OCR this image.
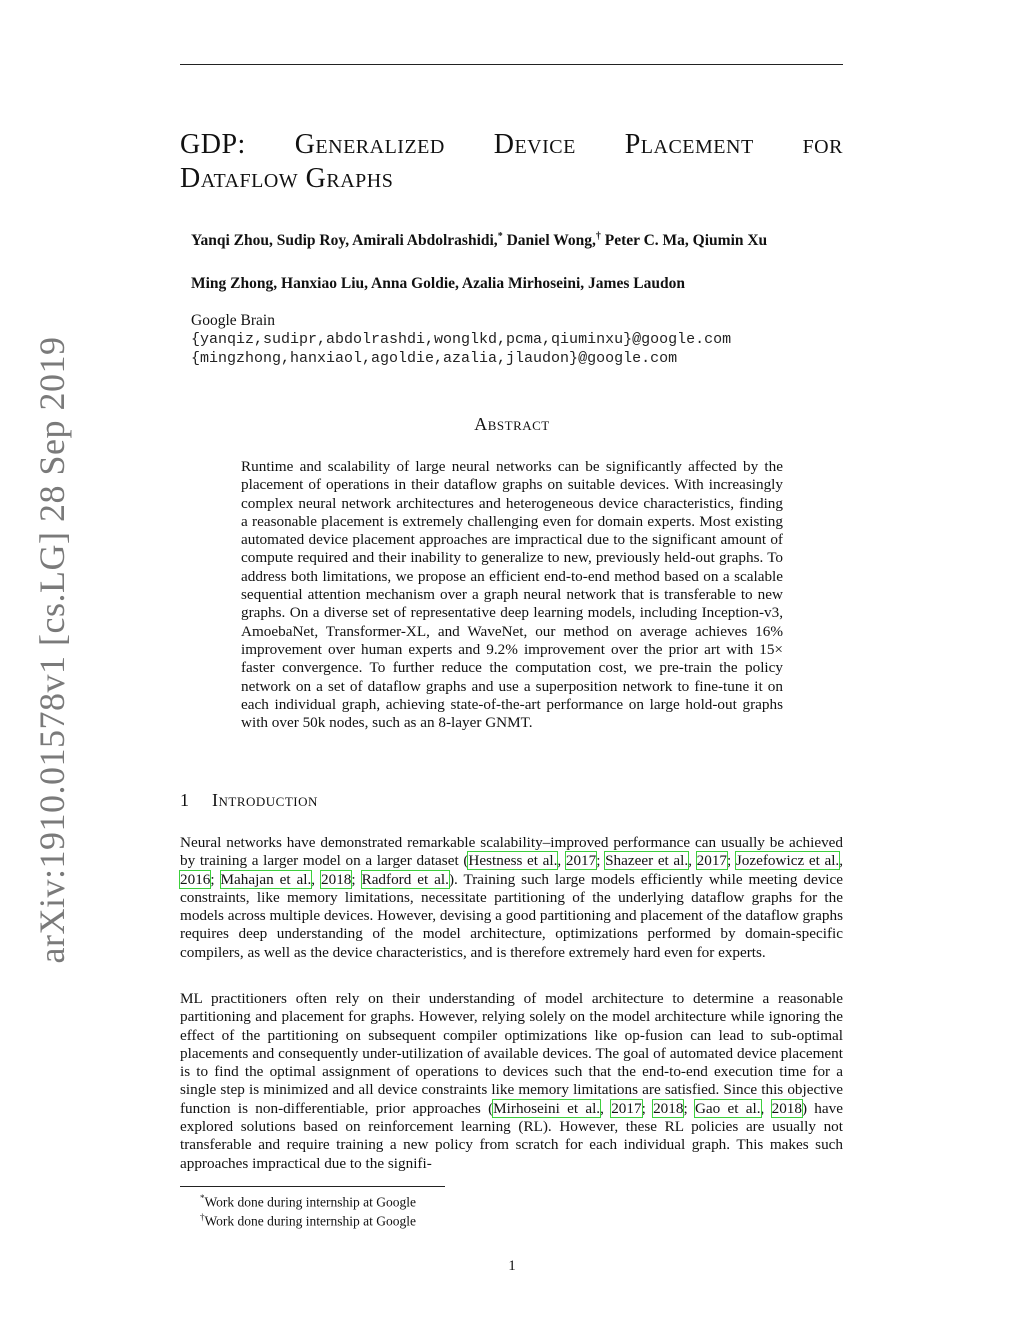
arXiv:1910.01578v1 [cs.LG] 28 Sep 2019
GDP: Generalized Device Placement for
Dataflow Graphs
Yanqi Zhou, Sudip Roy, Amirali Abdolrashidi,* Daniel Wong,† Peter C. Ma, Qiumin Xu
Ming Zhong, Hanxiao Liu, Anna Goldie, Azalia Mirhoseini, James Laudon
Google Brain
{yanqiz,sudipr,abdolrashdi,wonglkd,pcma,qiuminxu}@google.com
{mingzhong,hanxiaol,agoldie,azalia,jlaudon}@google.com
Abstract
Runtime and scalability of large neural networks can be significantly affected by the placement of operations in their dataflow graphs on suitable devices. With increasingly complex neural network architectures and heterogeneous device characteristics, finding a reasonable placement is extremely challenging even for domain experts. Most existing automated device placement approaches are impractical due to the significant amount of compute required and their inability to generalize to new, previously held-out graphs. To address both limitations, we propose an efficient end-to-end method based on a scalable sequential attention mechanism over a graph neural network that is transferable to new graphs. On a diverse set of representative deep learning models, including Inception-v3, AmoebaNet, Transformer-XL, and WaveNet, our method on average achieves 16% improvement over human experts and 9.2% improvement over the prior art with 15× faster convergence. To further reduce the computation cost, we pre-train the policy network on a set of dataflow graphs and use a superposition network to fine-tune it on each individual graph, achieving state-of-the-art performance on large hold-out graphs with over 50k nodes, such as an 8-layer GNMT.
1 Introduction
Neural networks have demonstrated remarkable scalability–improved performance can usually be achieved by training a larger model on a larger dataset (Hestness et al., 2017; Shazeer et al., 2017; Jozefowicz et al., 2016; Mahajan et al., 2018; Radford et al.). Training such large models efficiently while meeting device constraints, like memory limitations, necessitate partitioning of the underlying dataflow graphs for the models across multiple devices. However, devising a good partitioning and placement of the dataflow graphs requires deep understanding of the model architecture, optimizations performed by domain-specific compilers, as well as the device characteristics, and is therefore extremely hard even for experts.
ML practitioners often rely on their understanding of model architecture to determine a reasonable partitioning and placement for graphs. However, relying solely on the model architecture while ignoring the effect of the partitioning on subsequent compiler optimizations like op-fusion can lead to sub-optimal placements and consequently under-utilization of available devices. The goal of automated device placement is to find the optimal assignment of operations to devices such that the end-to-end execution time for a single step is minimized and all device constraints like memory limitations are satisfied. Since this objective function is non-differentiable, prior approaches (Mirhoseini et al., 2017; 2018; Gao et al., 2018) have explored solutions based on reinforcement learning (RL). However, these RL policies are usually not transferable and require training a new policy from scratch for each individual graph. This makes such approaches impractical due to the signifi-
*Work done during internship at Google
†Work done during internship at Google
1
